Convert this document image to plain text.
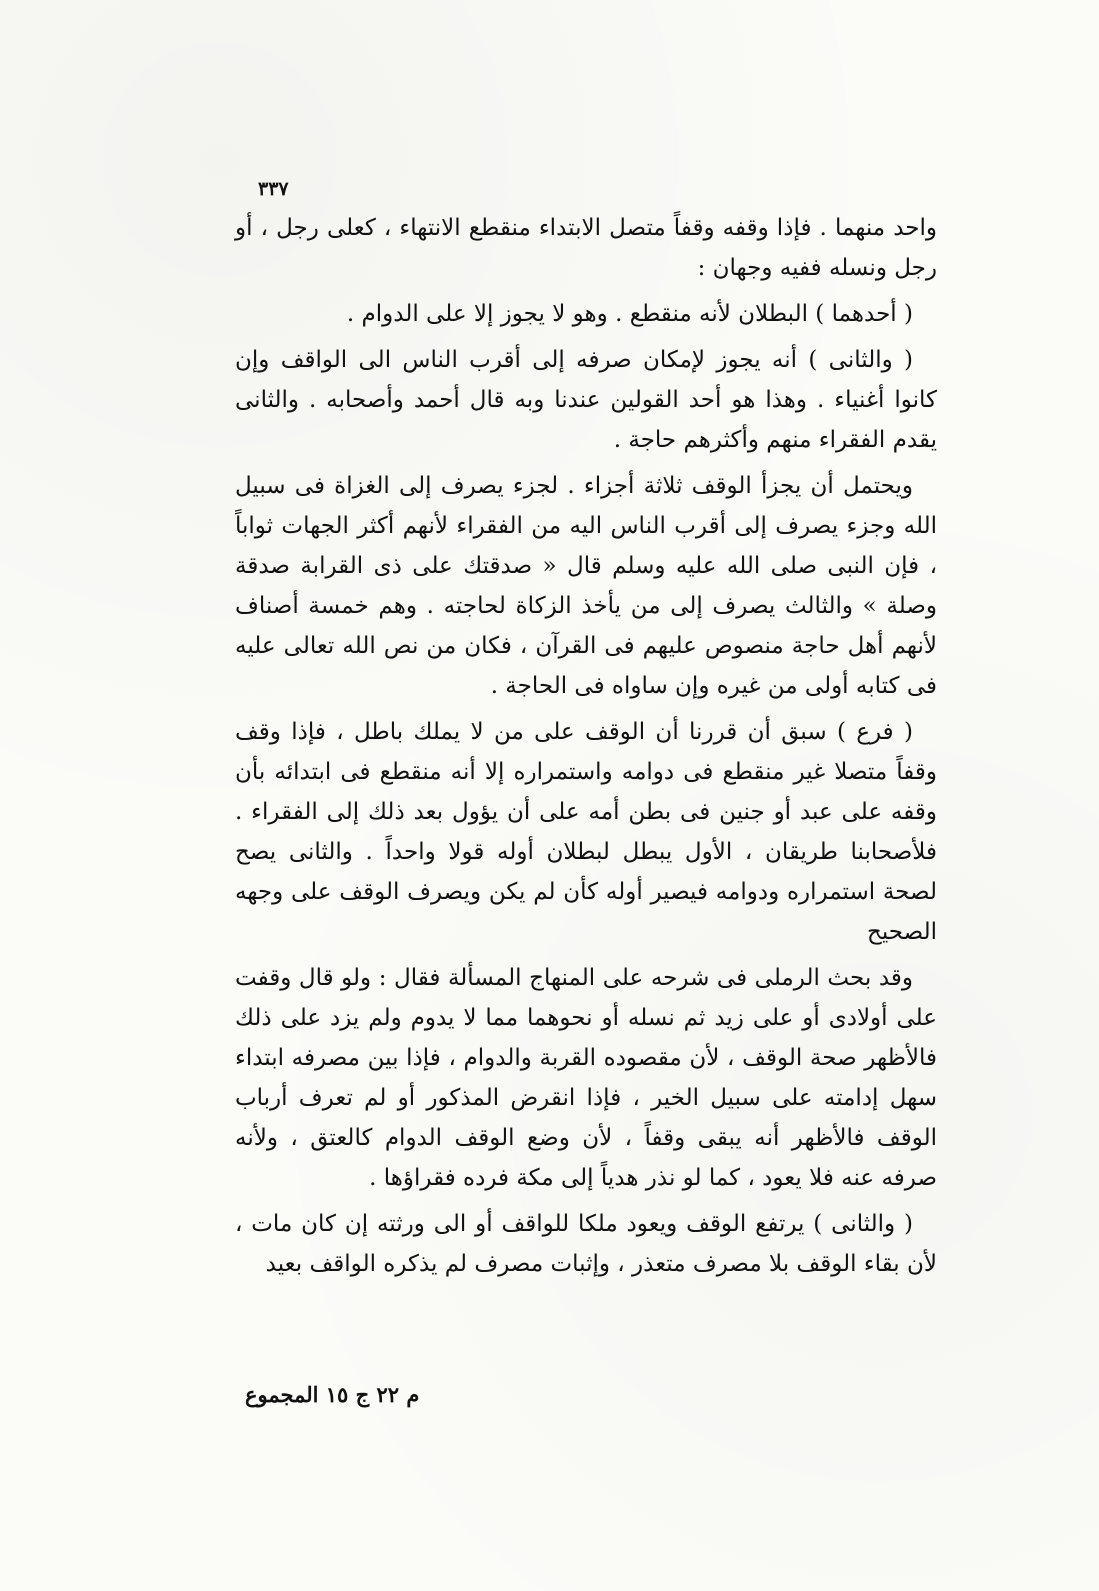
٣٣٧

واحد منهما . فإذا وقفه وقفاً متصل الابتداء منقطع الانتهاء ، كعلى رجل ، أو رجل ونسله ففيه وجهان :

( أحدهما ) البطلان لأنه منقطع . وهو لا يجوز إلا على الدوام .

( والثانى ) أنه يجوز لإمكان صرفه إلى أقرب الناس الى الواقف وإن كانوا أغنياء . وهذا هو أحد القولين عندنا وبه قال أحمد وأصحابه . والثانى يقدم الفقراء منهم وأكثرهم حاجة .

ويحتمل أن يجزأ الوقف ثلاثة أجزاء . لجزء يصرف إلى الغزاة فى سبيل الله وجزء يصرف إلى أقرب الناس اليه من الفقراء لأنهم أكثر الجهات ثواباً ، فإن النبى صلى الله عليه وسلم قال « صدقتك على ذى القرابة صدقة وصلة » والثالث يصرف إلى من يأخذ الزكاة لحاجته . وهم خمسة أصناف لأنهم أهل حاجة منصوص عليهم فى القرآن ، فكان من نص الله تعالى عليه فى كتابه أولى من غيره وإن ساواه فى الحاجة .

( فرع ) سبق أن قررنا أن الوقف على من لا يملك باطل ، فإذا وقف وقفاً متصلا غير منقطع فى دوامه واستمراره إلا أنه منقطع فى ابتدائه بأن وقفه على عبد أو جنين فى بطن أمه على أن يؤول بعد ذلك إلى الفقراء . فلأصحابنا طريقان ، الأول يبطل لبطلان أوله قولا واحداً . والثانى يصح لصحة استمراره ودوامه فيصير أوله كأن لم يكن ويصرف الوقف على وجهه الصحيح

وقد بحث الرملى فى شرحه على المنهاج المسألة فقال : ولو قال وقفت على أولادى أو على زيد ثم نسله أو نحوهما مما لا يدوم ولم يزد على ذلك فالأظهر صحة الوقف ، لأن مقصوده القربة والدوام ، فإذا بين مصرفه ابتداء سهل إدامته على سبيل الخير ، فإذا انقرض المذكور أو لم تعرف أرباب الوقف فالأظهر أنه يبقى وقفاً ، لأن وضع الوقف الدوام كالعتق ، ولأنه صرفه عنه فلا يعود ، كما لو نذر هدياً إلى مكة فرده فقراؤها .

( والثانى ) يرتفع الوقف ويعود ملكا للواقف أو الى ورثته إن كان مات ، لأن بقاء الوقف بلا مصرف متعذر ، وإثبات مصرف لم يذكره الواقف بعيد

م ٢٢ ج ١٥ المجموع
